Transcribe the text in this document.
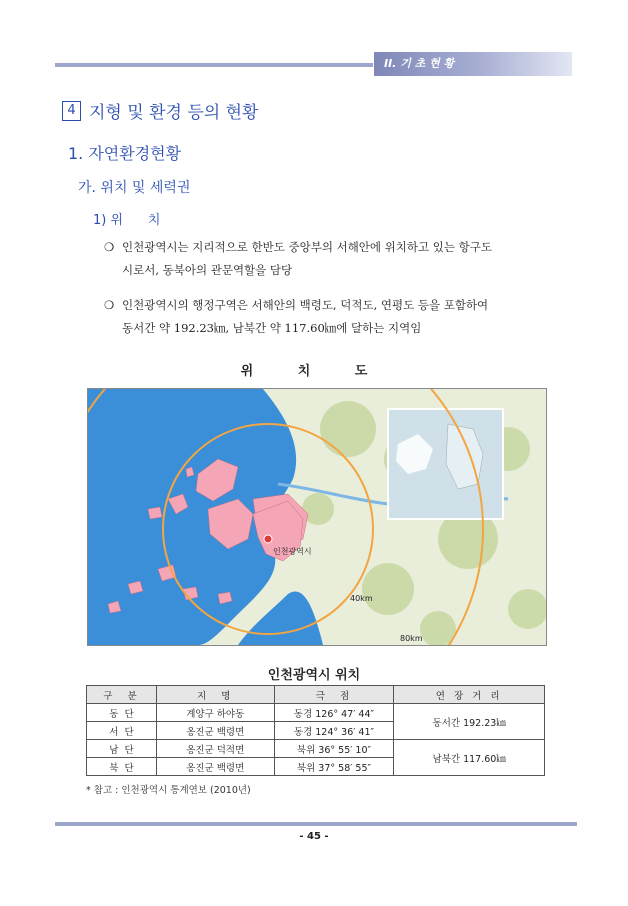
II. 기 초 현 황
4 지형 및 환경 등의 현황
1. 자연환경현황
가. 위치 및 세력권
1) 위      치
❍ 인천광역시는 지리적으로 한반도 중앙부의 서해안에 위치하고 있는 항구도
시로서, 동북아의 관문역할을 담당
❍ 인천광역시의 행정구역은 서해안의 백령도, 덕적도, 연평도 등을 포함하여
동서간 약 192.23㎞, 남북간 약 117.60㎞에 달하는 지역임
위 치 도
인천광역시
40km
80km
인천광역시 위치
구  분	지  명	극  점	연 장 거 리
동  단	계양구 하야동	동경 126° 47′ 44″	동서간 192.23㎞
서  단	옹진군 백령면	동경 124° 36′ 41″	
남  단	옹진군 덕적면	북위 36° 55′ 10″	남북간 117.60㎞
북  단	옹진군 백령면	북위 37° 58′ 55″	
* 참고 : 인천광역시 통계연보 (2010년)
- 45 -
